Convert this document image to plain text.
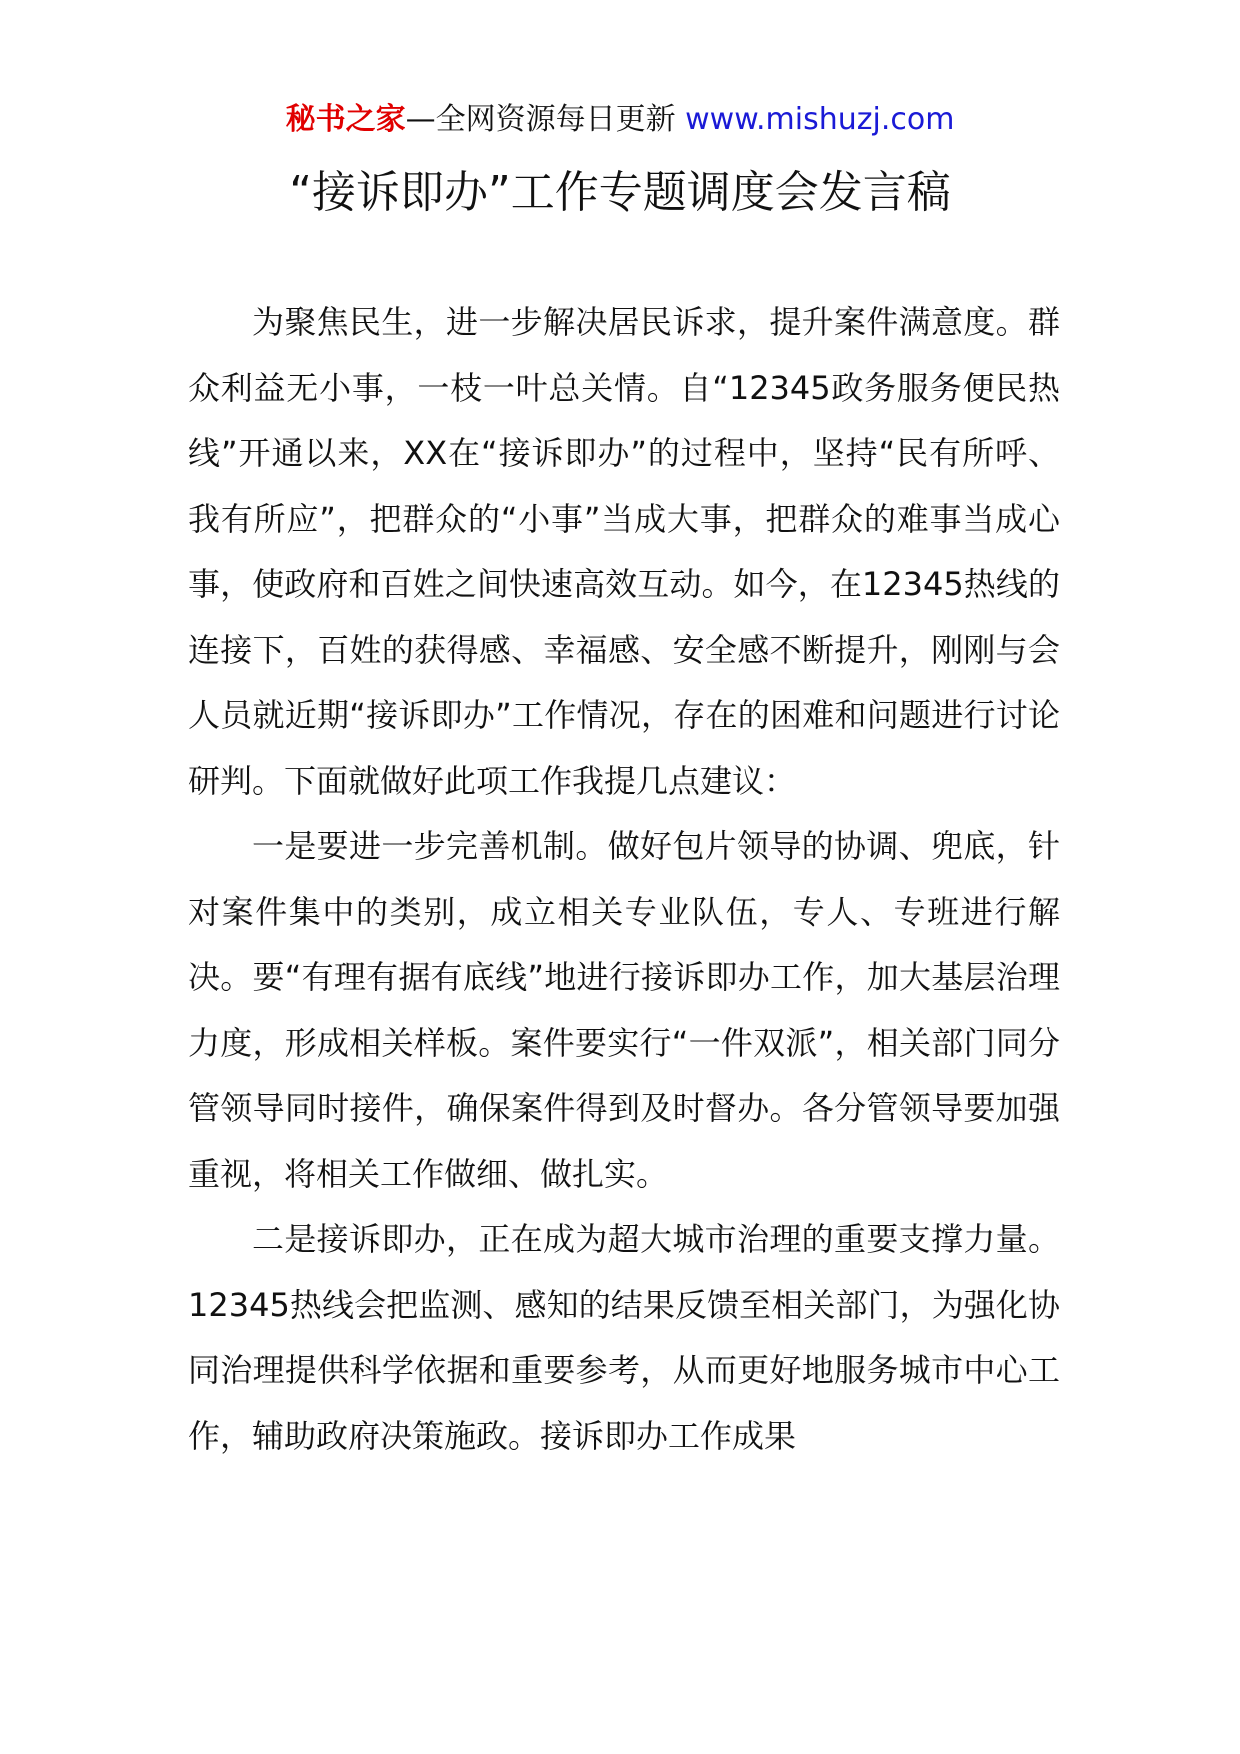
秘书之家—全网资源每日更新 www.mishuzj.com
“接诉即办”工作专题调度会发言稿

为聚焦民生，进一步解决居民诉求，提升案件满意度。群众利益无小事，一枝一叶总关情。自“12345政务服务便民热线”开通以来，XX在“接诉即办”的过程中，坚持“民有所呼、我有所应”，把群众的“小事”当成大事，把群众的难事当成心事，使政府和百姓之间快速高效互动。如今，在12345热线的连接下，百姓的获得感、幸福感、安全感不断提升，刚刚与会人员就近期“接诉即办”工作情况，存在的困难和问题进行讨论研判。下面就做好此项工作我提几点建议：

一是要进一步完善机制。做好包片领导的协调、兜底，针对案件集中的类别，成立相关专业队伍，专人、专班进行解决。要“有理有据有底线”地进行接诉即办工作，加大基层治理力度，形成相关样板。案件要实行“一件双派”，相关部门同分管领导同时接件，确保案件得到及时督办。各分管领导要加强重视，将相关工作做细、做扎实。

二是接诉即办，正在成为超大城市治理的重要支撑力量。12345热线会把监测、感知的结果反馈至相关部门，为强化协同治理提供科学依据和重要参考，从而更好地服务城市中心工作，辅助政府决策施政。接诉即办工作成果
